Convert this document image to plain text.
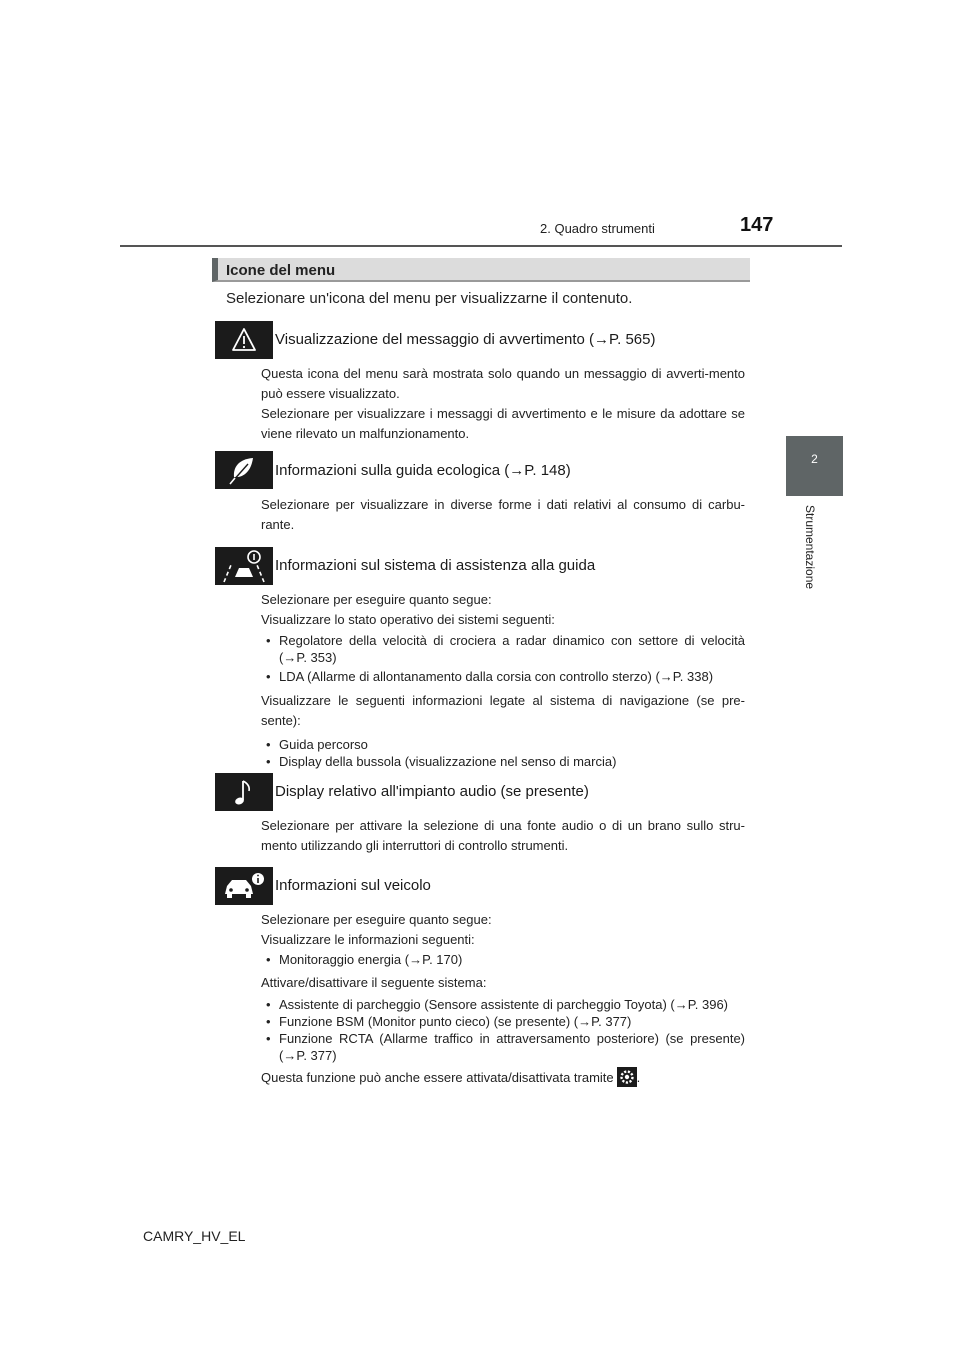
2. Quadro strumenti	147
2
Strumentazione
Icone del menu
Selezionare un'icona del menu per visualizzarne il contenuto.
Visualizzazione del messaggio di avvertimento (→P. 565)

Questa icona del menu sarà mostrata solo quando un messaggio di avverti-mento può essere visualizzato.

Selezionare per visualizzare i messaggi di avvertimento e le misure da adottare se viene rilevato un malfunzionamento.

Informazioni sulla guida ecologica (→P. 148)

Selezionare per visualizzare in diverse forme i dati relativi al consumo di carbu-rante.

Informazioni sul sistema di assistenza alla guida

Selezionare per eseguire quanto segue:

Visualizzare lo stato operativo dei sistemi seguenti:

• Regolatore della velocità di crociera a radar dinamico con settore di velocità (→P. 353)

• LDA (Allarme di allontanamento dalla corsia con controllo sterzo) (→P. 338)

Visualizzare le seguenti informazioni legate al sistema di navigazione (se pre-sente):

• Guida percorso

• Display della bussola (visualizzazione nel senso di marcia)

Display relativo all'impianto audio (se presente)

Selezionare per attivare la selezione di una fonte audio o di un brano sullo stru-mento utilizzando gli interruttori di controllo strumenti.

Informazioni sul veicolo

Selezionare per eseguire quanto segue:

Visualizzare le informazioni seguenti:

• Monitoraggio energia (→P. 170)

Attivare/disattivare il seguente sistema:

• Assistente di parcheggio (Sensore assistente di parcheggio Toyota) (→P. 396)

• Funzione BSM (Monitor punto cieco) (se presente) (→P. 377)

• Funzione RCTA (Allarme traffico in attraversamento posteriore) (se presente) (→P. 377)

Questa funzione può anche essere attivata/disattivata tramite .

CAMRY_HV_EL
